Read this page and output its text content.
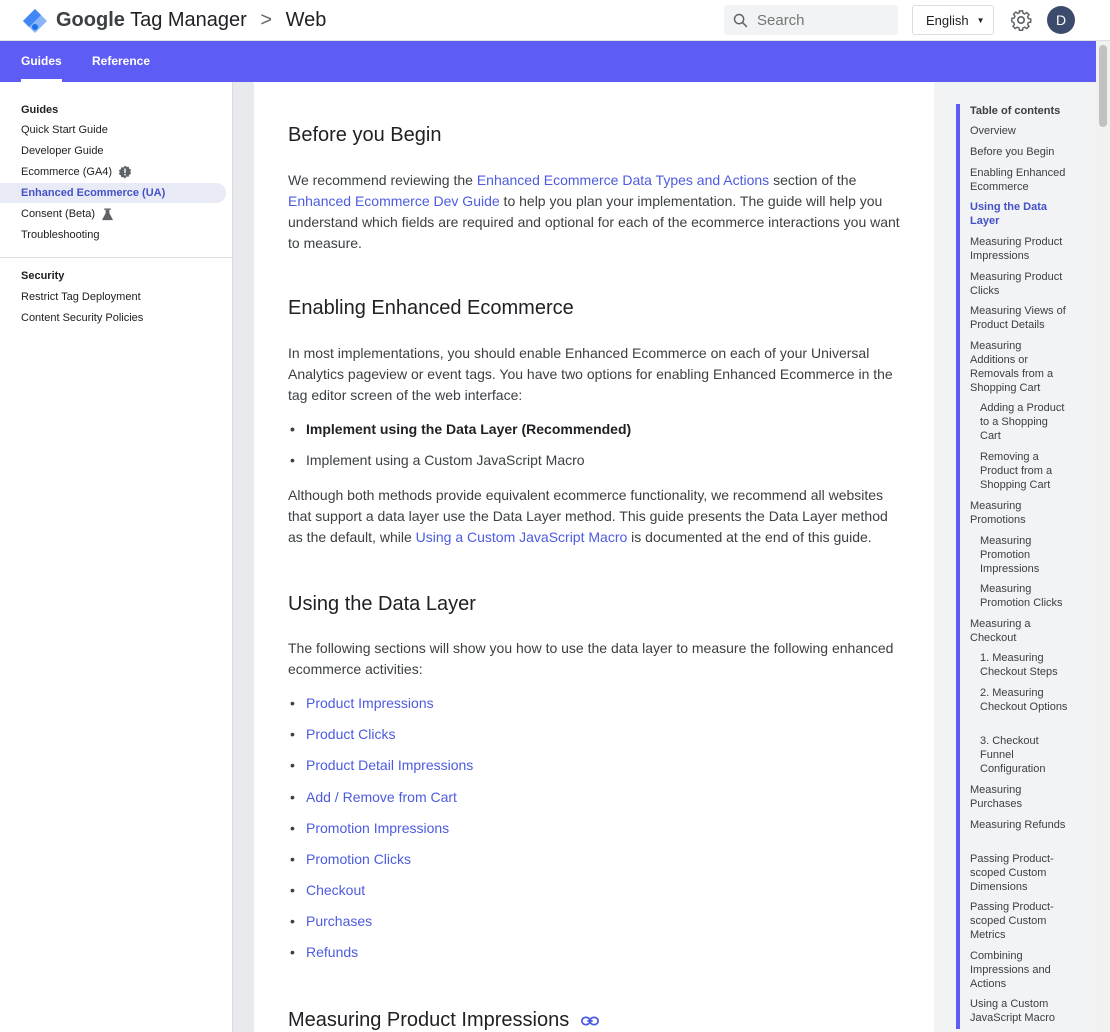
Google Tag Manager > Web
Search	English ▼	D
Guides	Reference
Guides
Quick Start Guide
Developer Guide
Ecommerce (GA4)
Enhanced Ecommerce (UA)
Consent (Beta)
Troubleshooting
Security
Restrict Tag Deployment
Content Security Policies
Before you Begin
We recommend reviewing the Enhanced Ecommerce Data Types and Actions section of the Enhanced Ecommerce Dev Guide to help you plan your implementation. The guide will help you understand which fields are required and optional for each of the ecommerce interactions you want to measure.
Enabling Enhanced Ecommerce
In most implementations, you should enable Enhanced Ecommerce on each of your Universal Analytics pageview or event tags. You have two options for enabling Enhanced Ecommerce in the tag editor screen of the web interface:
• Implement using the Data Layer (Recommended)
• Implement using a Custom JavaScript Macro
Although both methods provide equivalent ecommerce functionality, we recommend all websites that support a data layer use the Data Layer method. This guide presents the Data Layer method as the default, while Using a Custom JavaScript Macro is documented at the end of this guide.
Using the Data Layer
The following sections will show you how to use the data layer to measure the following enhanced ecommerce activities:
• Product Impressions
• Product Clicks
• Product Detail Impressions
• Add / Remove from Cart
• Promotion Impressions
• Promotion Clicks
• Checkout
• Purchases
• Refunds
Measuring Product Impressions
Table of contents
Overview
Before you Begin
Enabling Enhanced Ecommerce
Using the Data Layer
Measuring Product Impressions
Measuring Product Clicks
Measuring Views of Product Details
Measuring Additions or Removals from a Shopping Cart
Adding a Product to a Shopping Cart
Removing a Product from a Shopping Cart
Measuring Promotions
Measuring Promotion Impressions
Measuring Promotion Clicks
Measuring a Checkout
1. Measuring Checkout Steps
2. Measuring Checkout Options
3. Checkout Funnel Configuration
Measuring Purchases
Measuring Refunds
Passing Product-scoped Custom Dimensions
Passing Product-scoped Custom Metrics
Combining Impressions and Actions
Using a Custom JavaScript Macro
